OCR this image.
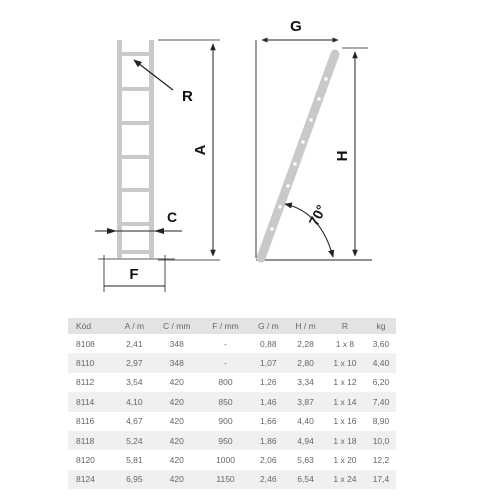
R
A
C
F
G
H
70°
Kód	A / m	C / mm	F / mm	G / m	H / m	R	kg
8108	2,41	348	-	0,88	2,28	1 x 8	3,60
8110	2,97	348	-	1,07	2,80	1 x 10	4,40
8112	3,54	420	800	1,26	3,34	1 x 12	6,20
8114	4,10	420	850	1,46	3,87	1 x 14	7,40
8116	4,67	420	900	1,66	4,40	1 x 16	8,90
8118	5,24	420	950	1,86	4,94	1 x 18	10,0
8120	5,81	420	1000	2,06	5,63	1 x 20	12,2
8124	6,95	420	1150	2,46	6,54	1 x 24	17,4
